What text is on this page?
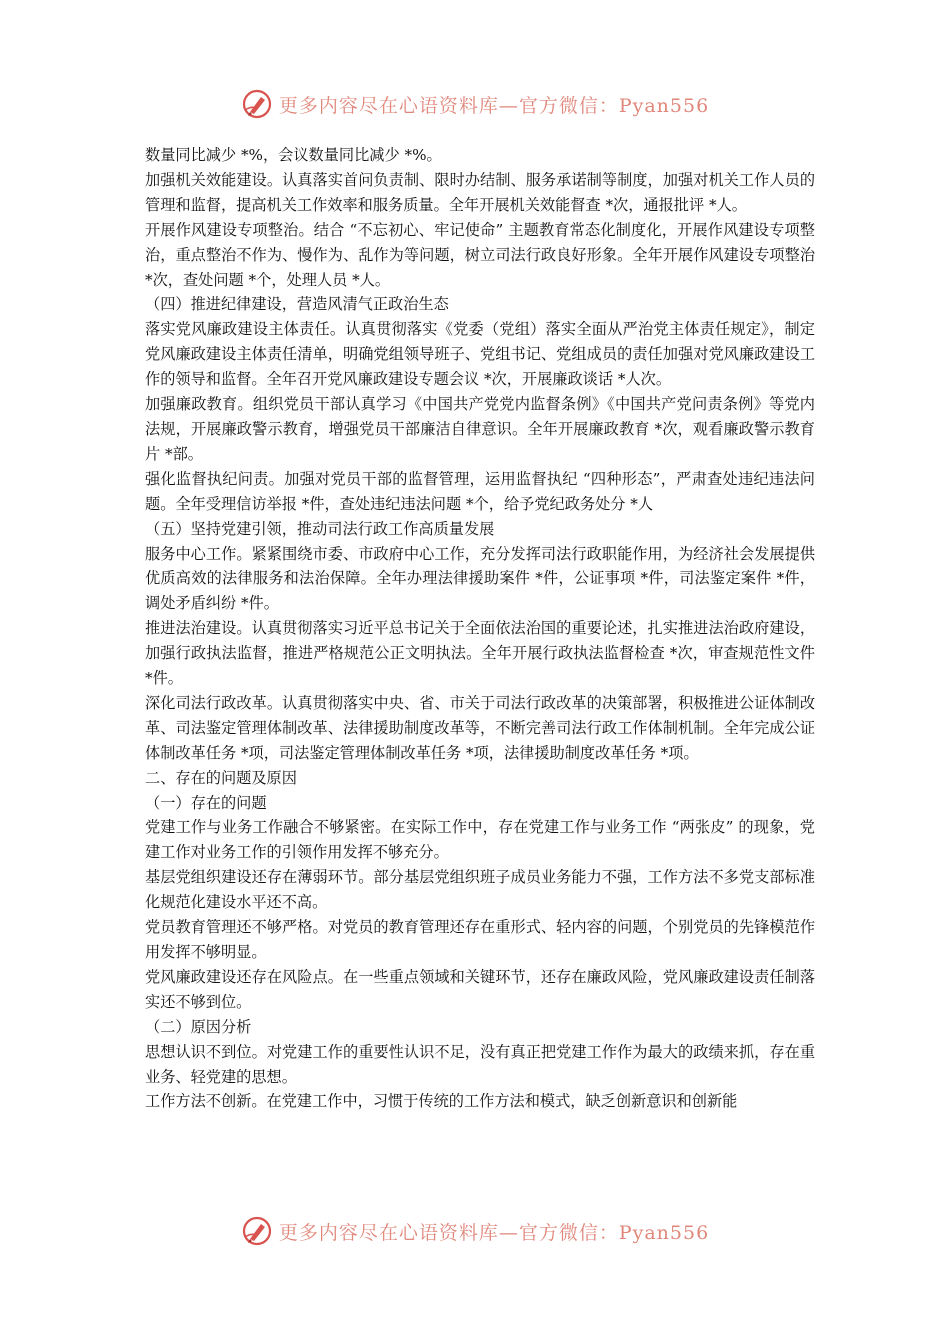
更多内容尽在心语资料库—官方微信：Pyan556

数量同比减少 *%，会议数量同比减少 *%。

加强机关效能建设。认真落实首问负责制、限时办结制、服务承诺制等制度，加强对机关工作人员的管理和监督，提高机关工作效率和服务质量。全年开展机关效能督查 *次，通报批评 *人。

开展作风建设专项整治。结合 “不忘初心、牢记使命” 主题教育常态化制度化，开展作风建设专项整治，重点整治不作为、慢作为、乱作为等问题，树立司法行政良好形象。全年开展作风建设专项整治 *次，查处问题 *个，处理人员 *人。

（四）推进纪律建设，营造风清气正政治生态

落实党风廉政建设主体责任。认真贯彻落实《党委（党组）落实全面从严治党主体责任规定》，制定党风廉政建设主体责任清单，明确党组领导班子、党组书记、党组成员的责任加强对党风廉政建设工作的领导和监督。全年召开党风廉政建设专题会议 *次，开展廉政谈话 *人次。

加强廉政教育。组织党员干部认真学习《中国共产党党内监督条例》《中国共产党问责条例》等党内法规，开展廉政警示教育，增强党员干部廉洁自律意识。全年开展廉政教育 *次，观看廉政警示教育片 *部。

强化监督执纪问责。加强对党员干部的监督管理，运用监督执纪 “四种形态”，严肃查处违纪违法问题。全年受理信访举报 *件，查处违纪违法问题 *个，给予党纪政务处分 *人

（五）坚持党建引领，推动司法行政工作高质量发展

服务中心工作。紧紧围绕市委、市政府中心工作，充分发挥司法行政职能作用，为经济社会发展提供优质高效的法律服务和法治保障。全年办理法律援助案件 *件，公证事项 *件，司法鉴定案件 *件，调处矛盾纠纷 *件。

推进法治建设。认真贯彻落实习近平总书记关于全面依法治国的重要论述，扎实推进法治政府建设，加强行政执法监督，推进严格规范公正文明执法。全年开展行政执法监督检查 *次，审查规范性文件 *件。

深化司法行政改革。认真贯彻落实中央、省、市关于司法行政改革的决策部署，积极推进公证体制改革、司法鉴定管理体制改革、法律援助制度改革等，不断完善司法行政工作体制机制。全年完成公证体制改革任务 *项，司法鉴定管理体制改革任务 *项，法律援助制度改革任务 *项。

二、存在的问题及原因

（一）存在的问题

党建工作与业务工作融合不够紧密。在实际工作中，存在党建工作与业务工作 “两张皮” 的现象，党建工作对业务工作的引领作用发挥不够充分。

基层党组织建设还存在薄弱环节。部分基层党组织班子成员业务能力不强，工作方法不多党支部标准化规范化建设水平还不高。

党员教育管理还不够严格。对党员的教育管理还存在重形式、轻内容的问题，个别党员的先锋模范作用发挥不够明显。

党风廉政建设还存在风险点。在一些重点领域和关键环节，还存在廉政风险，党风廉政建设责任制落实还不够到位。

（二）原因分析

思想认识不到位。对党建工作的重要性认识不足，没有真正把党建工作作为最大的政绩来抓，存在重业务、轻党建的思想。

工作方法不创新。在党建工作中，习惯于传统的工作方法和模式，缺乏创新意识和创新能

更多内容尽在心语资料库—官方微信：Pyan556
